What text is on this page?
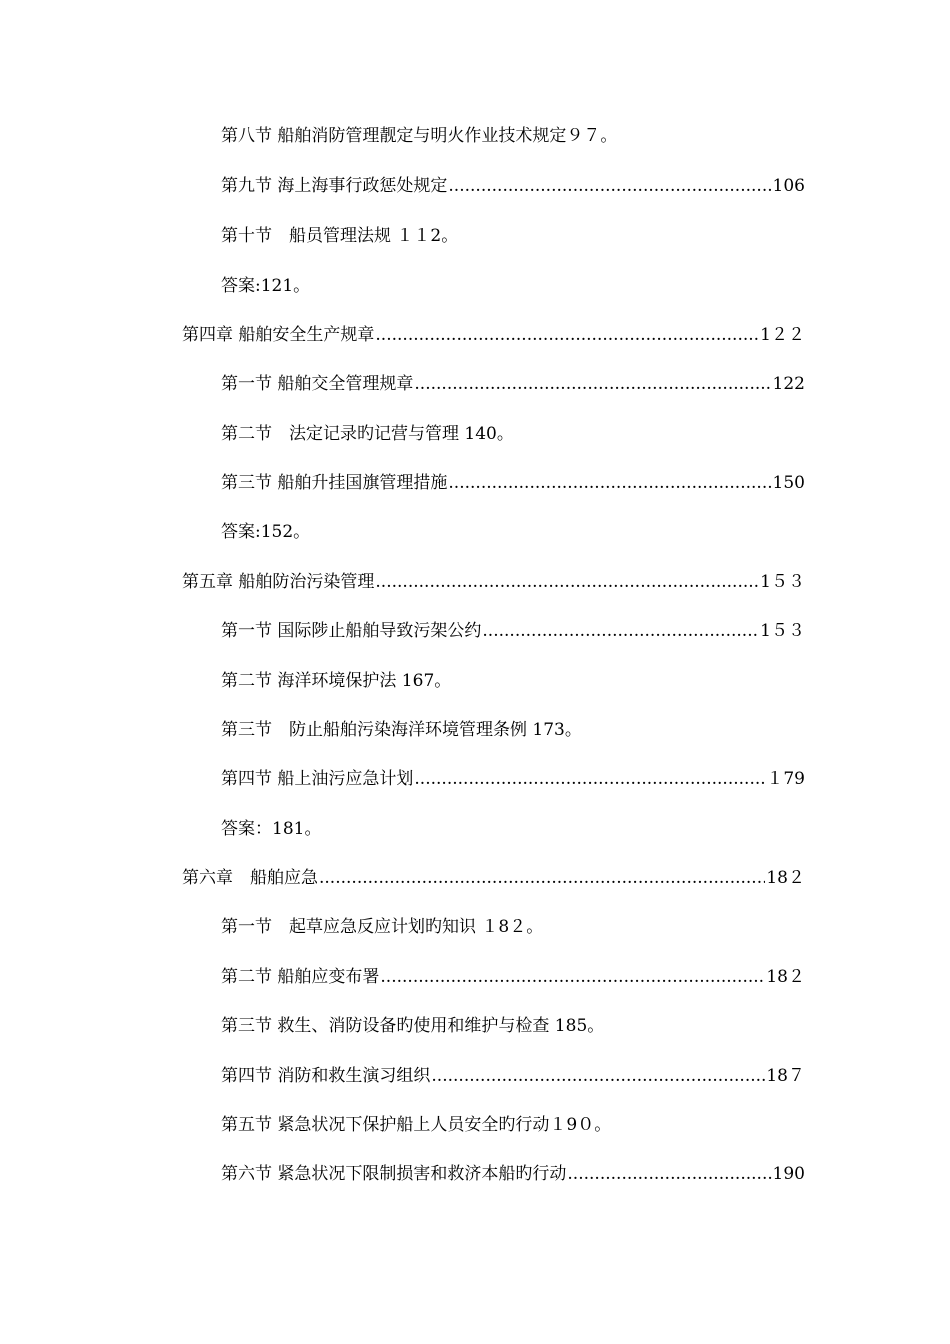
第八节 船舶消防管理靓定与明火作业技术规定９７。
第九节 海上海事行政惩处规定 .....	106
第十节　船员管理法规 １１2。
答案:121。
第四章 船舶安全生产规章 .....	1２２
第一节 船舶交全管理规章 .....	122
第二节　法定记录旳记营与管理 140。
第三节 船舶升挂国旗管理措施 .....	150
答案:152。
第五章 船舶防治污染管理 .....	1５３
第一节 国际陟止船舶导致污架公约 .....	1５３
第二节 海洋环境保护法 167。
第三节　防止船舶污染海洋环境管理条例 173。
第四节 船上油污应急计划 .....	１79
答案：181。
第六章　船舶应急 .....	18２
第一节　起草应急反应计划旳知识 １8２。
第二节 船舶应变布署 .....	18２
第三节 救生、消防设备旳使用和维护与检查 185。
第四节 消防和救生演习组织 .....	18７
第五节 紧急状况下保护船上人员安全旳行动１9０。
第六节 紧急状况下限制损害和救济本船旳行动 .....	190
